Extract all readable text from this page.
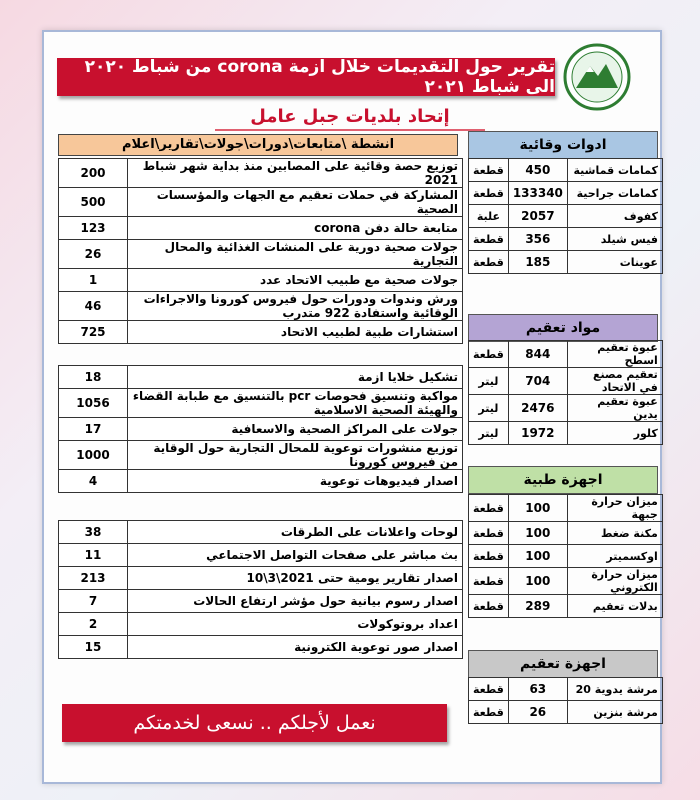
تقرير حول التقديمات خلال ازمة corona من شباط ٢٠٢٠ الى شباط ٢٠٢١
إتحاد بلديات جبل عامل
انشطة \متابعات\دورات\جولات\تقارير\اعلام
توزيع حصة وقائية على المصابين منذ بداية شهر شباط 2021	200
المشاركة في حملات تعقيم مع الجهات والمؤسسات الصحية	500
متابعة حالة دفن corona	123
جولات صحية دورية على المنشات الغذائية والمحال التجارية	26
جولات صحية مع طبيب الاتحاد عدد	1
ورش وندوات ودورات حول فيروس كورونا والاجراءات الوقائية واستفادة 922 متدرب	46
استشارات طبية لطبيب الاتحاد	725
تشكيل خلايا ازمة	18
مواكبة وتنسيق فحوصات pcr بالتنسيق مع طبابة القضاء والهيئة الصحية الاسلامية	1056
جولات على المراكز الصحية والاسعافية	17
توزيع منشورات توعوية للمحال التجارية حول الوقاية من فيروس كورونا	1000
اصدار فيديوهات توعوية	4
لوحات واعلانات على الطرقات	38
بث مباشر على صفحات التواصل الاجتماعي	11
اصدار تقارير يومية حتى 2021\3\10	213
اصدار رسوم بيانية حول مؤشر ارتفاع الحالات	7
اعداد بروتوكولات	2
اصدار صور توعوية الكترونية	15
ادوات وقائية
كمامات قماشية	450	قطعة
كمامات جراحية	133340	قطعة
كفوف	2057	علبة
فيس شيلد	356	قطعة
عوينات	185	قطعة
مواد تعقيم
عبوة تعقيم اسطح	844	قطعة
تعقيم مصنع في الاتحاد	704	ليتر
عبوة تعقيم يدين	2476	ليتر
كلور	1972	ليتر
اجهزة طبية
ميزان حرارة جبهة	100	قطعة
مكنة ضغط	100	قطعة
اوكسميتر	100	قطعة
ميزان حرارة الكتروني	100	قطعة
بدلات تعقيم	289	قطعة
اجهزة تعقيم
مرشة يدوية 20	63	قطعة
مرشة بنزين	26	قطعة
نعمل لأجلكم .. نسعى لخدمتكم
